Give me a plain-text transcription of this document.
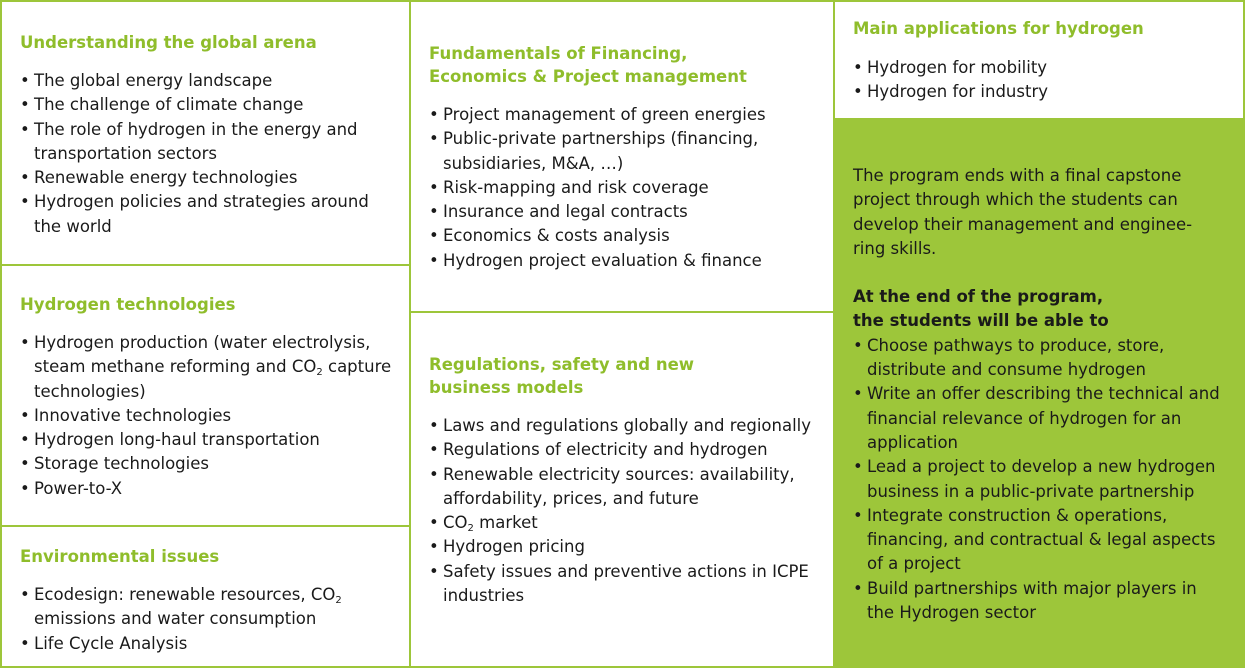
Understanding the global arena
• The global energy landscape
• The challenge of climate change
• The role of hydrogen in the energy and transportation sectors
• Renewable energy technologies
• Hydrogen policies and strategies around the world
Hydrogen technologies
• Hydrogen production (water electrolysis, steam methane reforming and $CO_2$ capture technologies)
• Innovative technologies
• Hydrogen long-haul transportation
• Storage technologies
• Power-to-X
Environmental issues
• Ecodesign: renewable resources, $CO_2$ emissions and water consumption
• Life Cycle Analysis
Fundamentals of Financing,
Economics & Project management
• Project management of green energies
• Public-private partnerships (financing, subsidiaries, M&A, …)
• Risk-mapping and risk coverage
• Insurance and legal contracts
• Economics & costs analysis
• Hydrogen project evaluation & finance
Regulations, safety and new
business models
• Laws and regulations globally and regionally
• Regulations of electricity and hydrogen
• Renewable electricity sources: availability, affordability, prices, and future
• $CO_2$ market
• Hydrogen pricing
• Safety issues and preventive actions in ICPE industries
Main applications for hydrogen
• Hydrogen for mobility
• Hydrogen for industry

The program ends with a final capstone
project through which the students can
develop their management and enginee-
ring skills.

At the end of the program,
the students will be able to
• Choose pathways to produce, store, distribute and consume hydrogen
• Write an offer describing the technical and financial relevance of hydrogen for an application
• Lead a project to develop a new hydrogen business in a public-private partnership
• Integrate construction & operations, financing, and contractual & legal aspects of a project
• Build partnerships with major players in the Hydrogen sector
